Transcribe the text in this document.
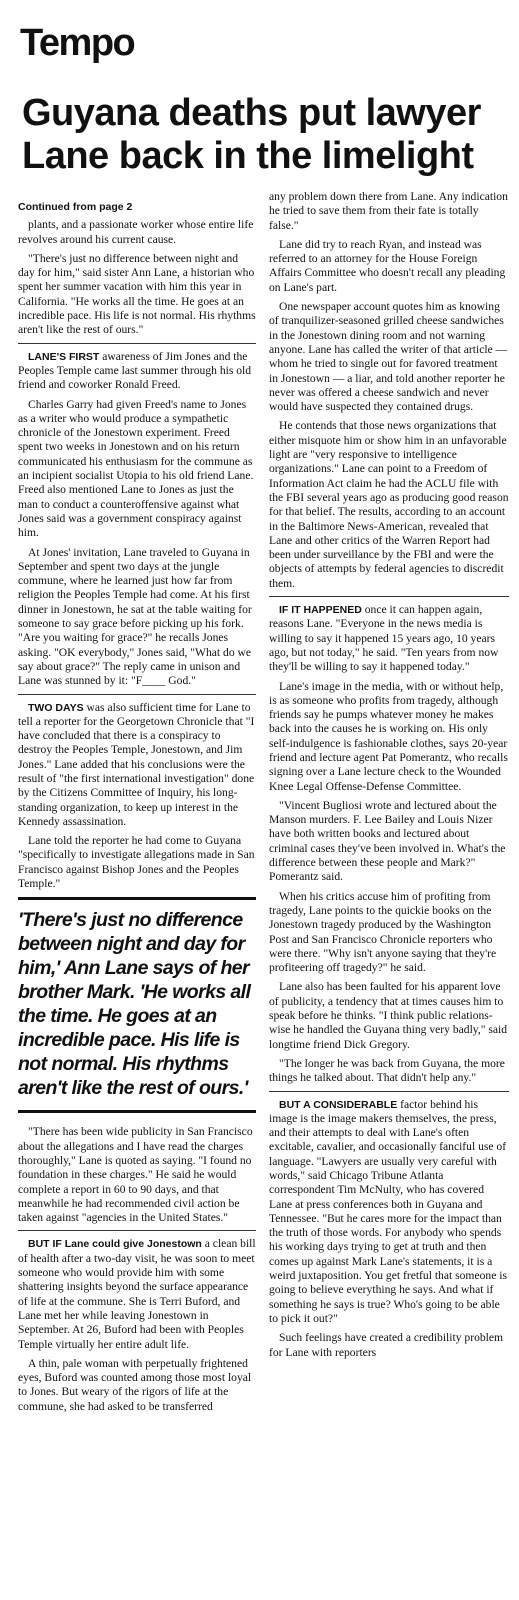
Tempo
Guyana deaths put lawyer Lane back in the limelight
Continued from page 2

plants, and a passionate worker whose entire life revolves around his current cause.

"There's just no difference between night and day for him," said sister Ann Lane, a historian who spent her summer vacation with him this year in California. "He works all the time. He goes at an incredible pace. His life is not normal. His rhythms aren't like the rest of ours."

LANE'S FIRST awareness of Jim Jones and the Peoples Temple came last summer through his old friend and coworker Ronald Freed.

Charles Garry had given Freed's name to Jones as a writer who would produce a sympathetic chronicle of the Jonestown experiment. Freed spent two weeks in Jonestown and on his return communicated his enthusiasm for the commune as an incipient socialist Utopia to his old friend Lane. Freed also mentioned Lane to Jones as just the man to conduct a counteroffensive against what Jones said was a government conspiracy against him.

At Jones' invitation, Lane traveled to Guyana in September and spent two days at the jungle commune, where he learned just how far from religion the Peoples Temple had come. At his first dinner in Jonestown, he sat at the table waiting for someone to say grace before picking up his fork. "Are you waiting for grace?" he recalls Jones asking. "OK everybody," Jones said, "What do we say about grace?" The reply came in unison and Lane was stunned by it: "F____ God."

TWO DAYS was also sufficient time for Lane to tell a reporter for the Georgetown Chronicle that "I have concluded that there is a conspiracy to destroy the Peoples Temple, Jonestown, and Jim Jones." Lane added that his conclusions were the result of "the first international investigation" done by the Citizens Committee of Inquiry, his long-standing organization, to keep up interest in the Kennedy assassination.

Lane told the reporter he had come to Guyana "specifically to investigate allegations made in San Francisco against Bishop Jones and the Peoples Temple."

'There's just no difference between night and day for him,' Ann Lane says of her brother Mark. 'He works all the time. He goes at an incredible pace. His life is not normal. His rhythms aren't like the rest of ours.'

"There has been wide publicity in San Francisco about the allegations and I have read the charges thoroughly," Lane is quoted as saying. "I found no foundation in these charges." He said he would complete a report in 60 to 90 days, and that meanwhile he had recommended civil action be taken against "agencies in the United States."

BUT IF Lane could give Jonestown a clean bill of health after a two-day visit, he was soon to meet someone who would provide him with some shattering insights beyond the surface appearance of life at the commune. She is Terri Buford, and Lane met her while leaving Jonestown in September. At 26, Buford had been with Peoples Temple virtually her entire adult life.

A thin, pale woman with perpetually frightened eyes, Buford was counted among those most loyal to Jones. But weary of the rigors of life at the commune, she had asked to be transferred

any problem down there from Lane. Any indication he tried to save them from their fate is totally false."

Lane did try to reach Ryan, and instead was referred to an attorney for the House Foreign Affairs Committee who doesn't recall any pleading on Lane's part.

One newspaper account quotes him as knowing of tranquilizer-seasoned grilled cheese sandwiches in the Jonestown dining room and not warning anyone. Lane has called the writer of that article — whom he tried to single out for favored treatment in Jonestown — a liar, and told another reporter he never was offered a cheese sandwich and never would have suspected they contained drugs.

He contends that those news organizations that either misquote him or show him in an unfavorable light are "very responsive to intelligence organizations." Lane can point to a Freedom of Information Act claim he had the ACLU file with the FBI several years ago as producing good reason for that belief. The results, according to an account in the Baltimore News-American, revealed that Lane and other critics of the Warren Report had been under surveillance by the FBI and were the objects of attempts by federal agencies to discredit them.

IF IT HAPPENED once it can happen again, reasons Lane. "Everyone in the news media is willing to say it happened 15 years ago, 10 years ago, but not today," he said. "Ten years from now they'll be willing to say it happened today."

Lane's image in the media, with or without help, is as someone who profits from tragedy, although friends say he pumps whatever money he makes back into the causes he is working on. His only self-indulgence is fashionable clothes, says 20-year friend and lecture agent Pat Pomerantz, who recalls signing over a Lane lecture check to the Wounded Knee Legal Offense-Defense Committee.

"Vincent Bugliosi wrote and lectured about the Manson murders. F. Lee Bailey and Louis Nizer have both written books and lectured about criminal cases they've been involved in. What's the difference between these people and Mark?" Pomerantz said.

When his critics accuse him of profiting from tragedy, Lane points to the quickie books on the Jonestown tragedy produced by the Washington Post and San Francisco Chronicle reporters who were there. "Why isn't anyone saying that they're profiteering off tragedy?" he said.

Lane also has been faulted for his apparent love of publicity, a tendency that at times causes him to speak before he thinks. "I think public relations-wise he handled the Guyana thing very badly," said longtime friend Dick Gregory.

"The longer he was back from Guyana, the more things he talked about. That didn't help any."

BUT A CONSIDERABLE factor behind his image is the image makers themselves, the press, and their attempts to deal with Lane's often excitable, cavalier, and occasionally fanciful use of language. "Lawyers are usually very careful with words," said Chicago Tribune Atlanta correspondent Tim McNulty, who has covered Lane at press conferences both in Guyana and Tennessee. "But he cares more for the impact than the truth of those words. For anybody who spends his working days trying to get at truth and then comes up against Mark Lane's statements, it is a weird juxtaposition. You get fretful that someone is going to believe everything he says. And what if something he says is true? Who's going to be able to pick it out?"

Such feelings have created a credibility problem for Lane with reporters
